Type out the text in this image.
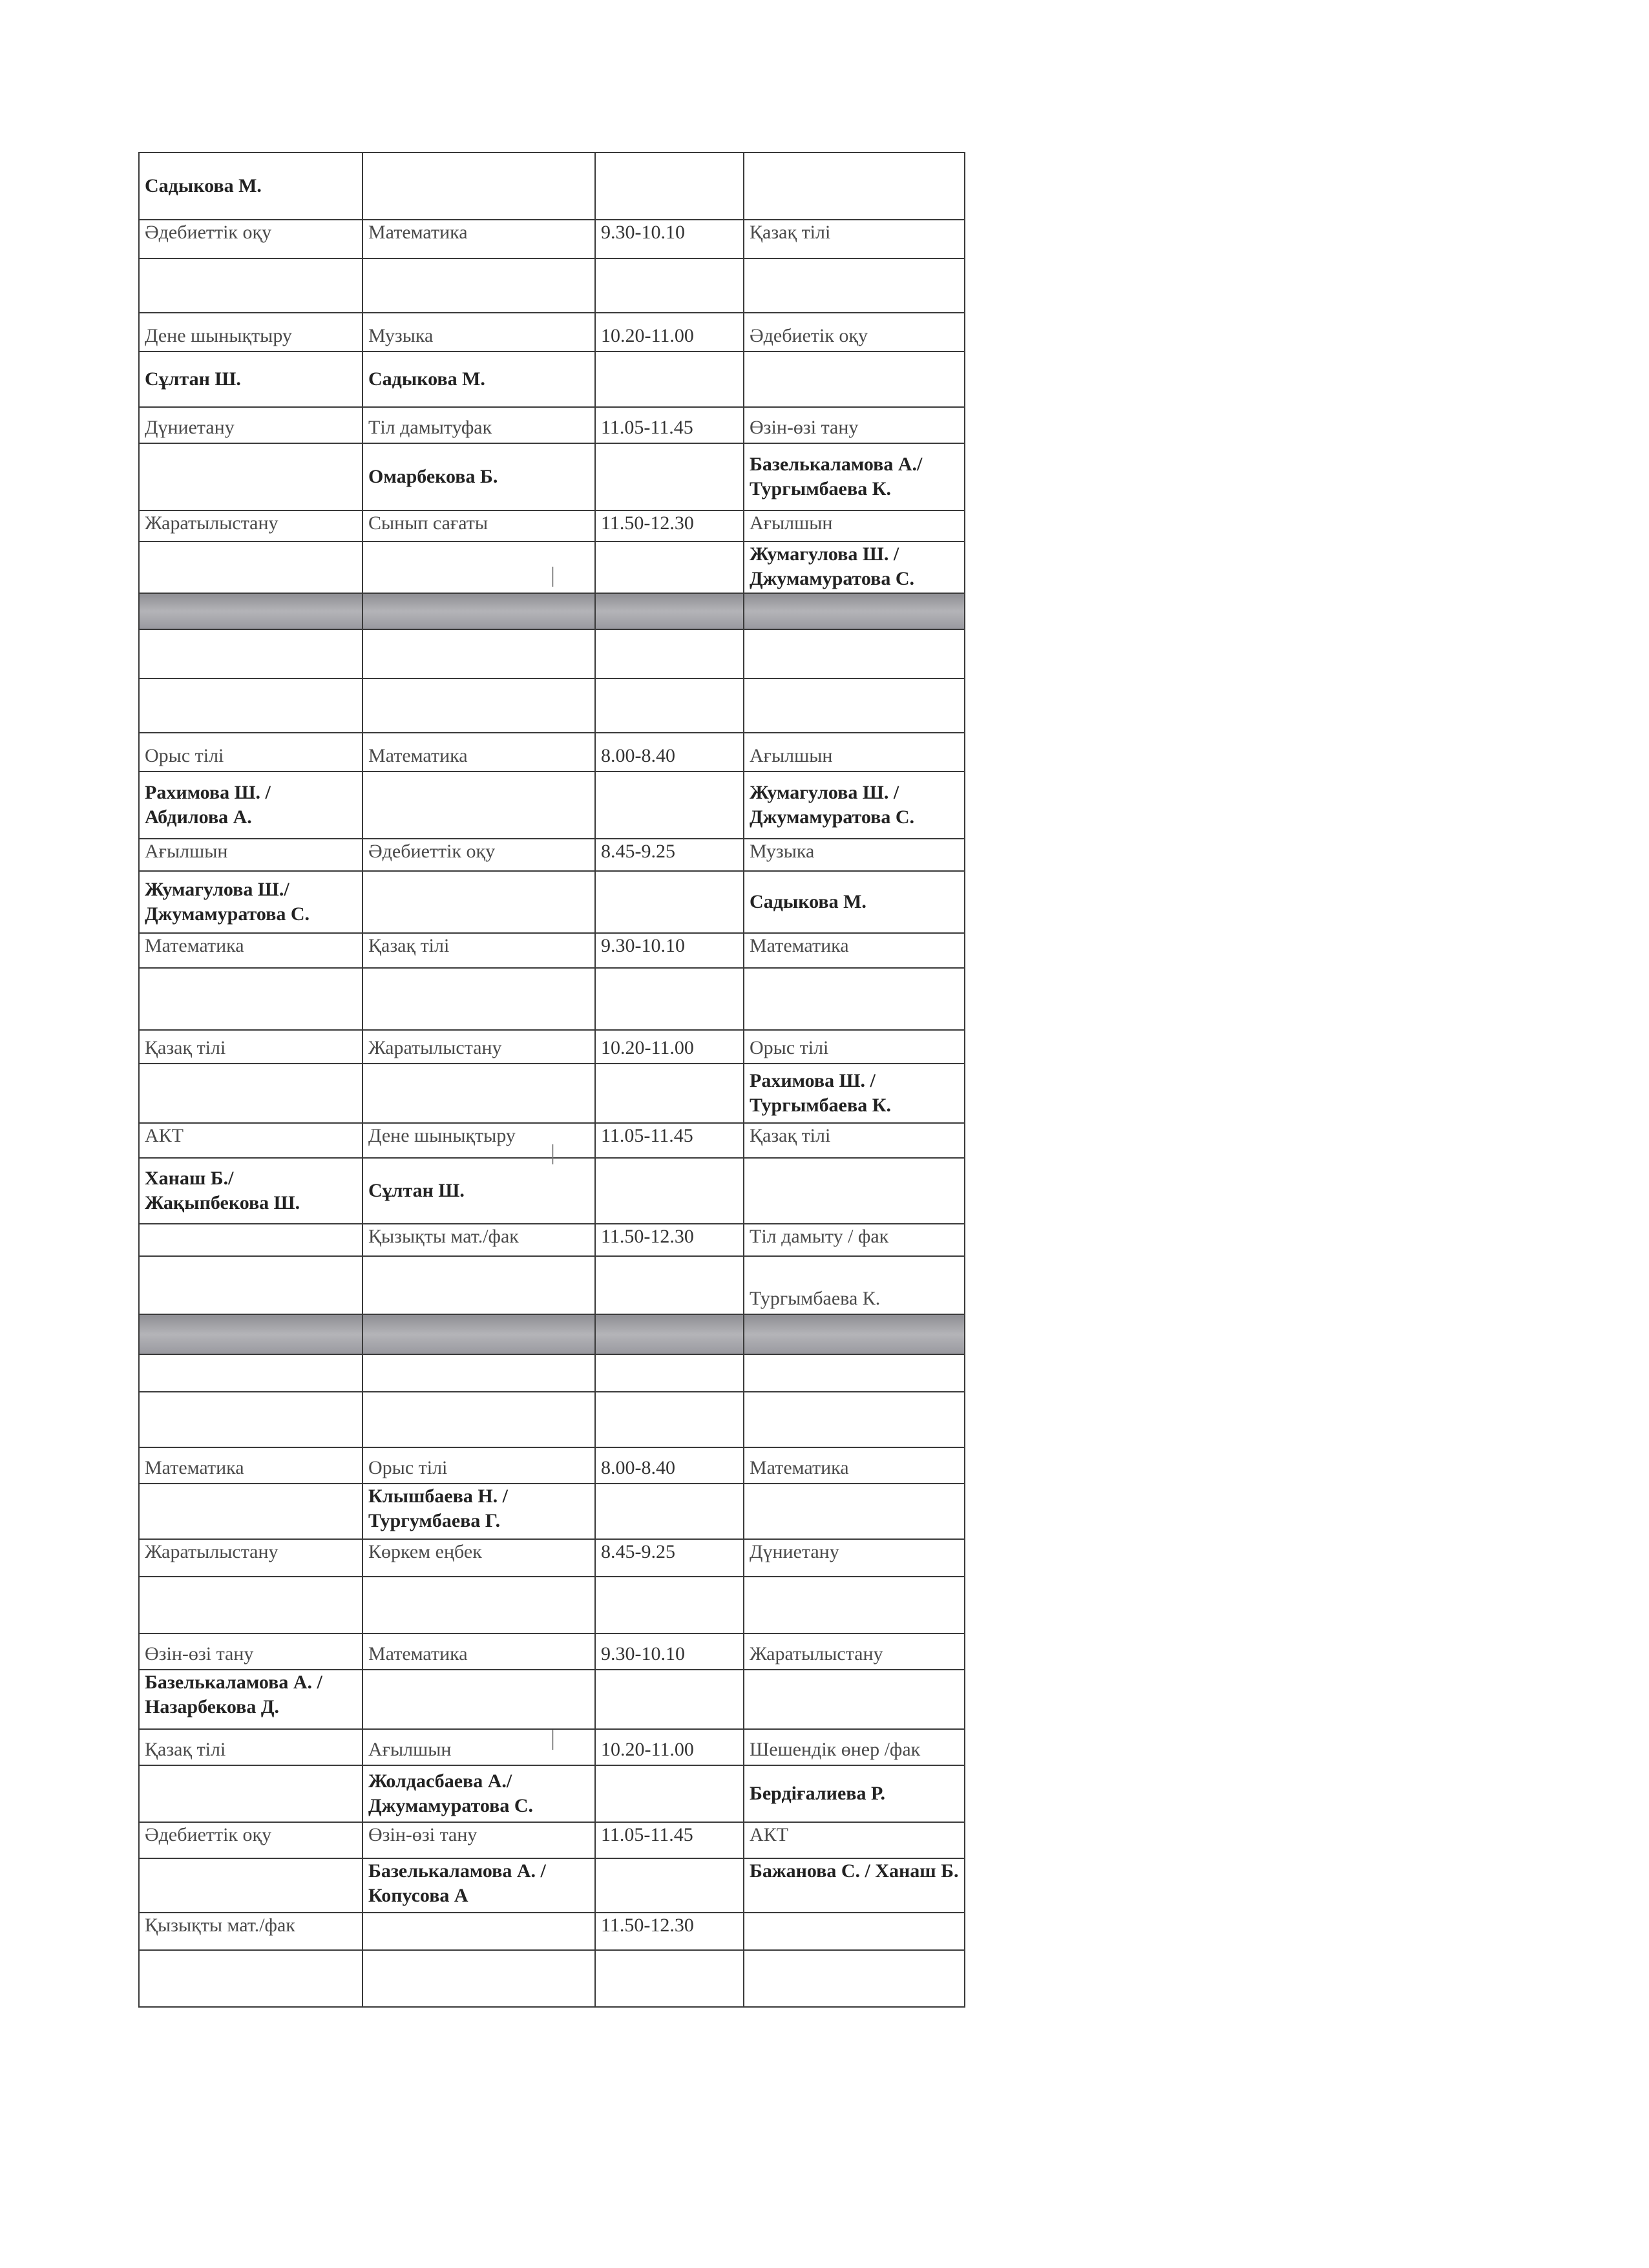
Садыкова М.			
Әдебиеттік оқу	Математика	9.30-10.10	Қазақ тілі

Дене шынықтыру	Музыка	10.20-11.00	Әдебиетік оқу
Сұлтан Ш.	Садыкова М.		
Дүниетану	Тіл дамытуфак	11.05-11.45	Өзін-өзі тану
	Омарбекова Б.		Базелькаламова А./ Тургымбаева К.
Жаратылыстану	Сынып сағаты	11.50-12.30	Ағылшын
			Жумагулова Ш. / Джумамуратова С.

Орыс тілі	Математика	8.00-8.40	Ағылшын
Рахимова Ш. / Абдилова А.			Жумагулова Ш. / Джумамуратова С.
Ағылшын	Әдебиеттік оқу	8.45-9.25	Музыка
Жумагулова Ш./ Джумамуратова С.			Садыкова М.
Математика	Қазақ тілі	9.30-10.10	Математика

Қазақ тілі	Жаратылыстану	10.20-11.00	Орыс тілі
			Рахимова Ш. / Тургымбаева К.
АКТ	Дене шынықтыру	11.05-11.45	Қазақ тілі
Ханаш Б./ Жақыпбекова Ш.	Сұлтан Ш.		
	Қызықты мат./фак	11.50-12.30	Тіл дамыту / фак
			Тургымбаева К.

Математика	Орыс тілі	8.00-8.40	Математика
	Клышбаева Н. / Тургумбаева Г.		
Жаратылыстану	Көркем еңбек	8.45-9.25	Дүниетану

Өзін-өзі тану	Математика	9.30-10.10	Жаратылыстану
Базелькаламова А. / Назарбекова Д.			
Қазақ тілі	Ағылшын	10.20-11.00	Шешендік өнер /фак
	Жолдасбаева А./ Джумамуратова С.		Бердіғалиева Р.
Әдебиеттік оқу	Өзін-өзі тану	11.05-11.45	АКТ
	Базелькаламова А. /Копусова А		Бажанова С. / Ханаш Б.
Қызықты мат./фак		11.50-12.30	

|
|
|
